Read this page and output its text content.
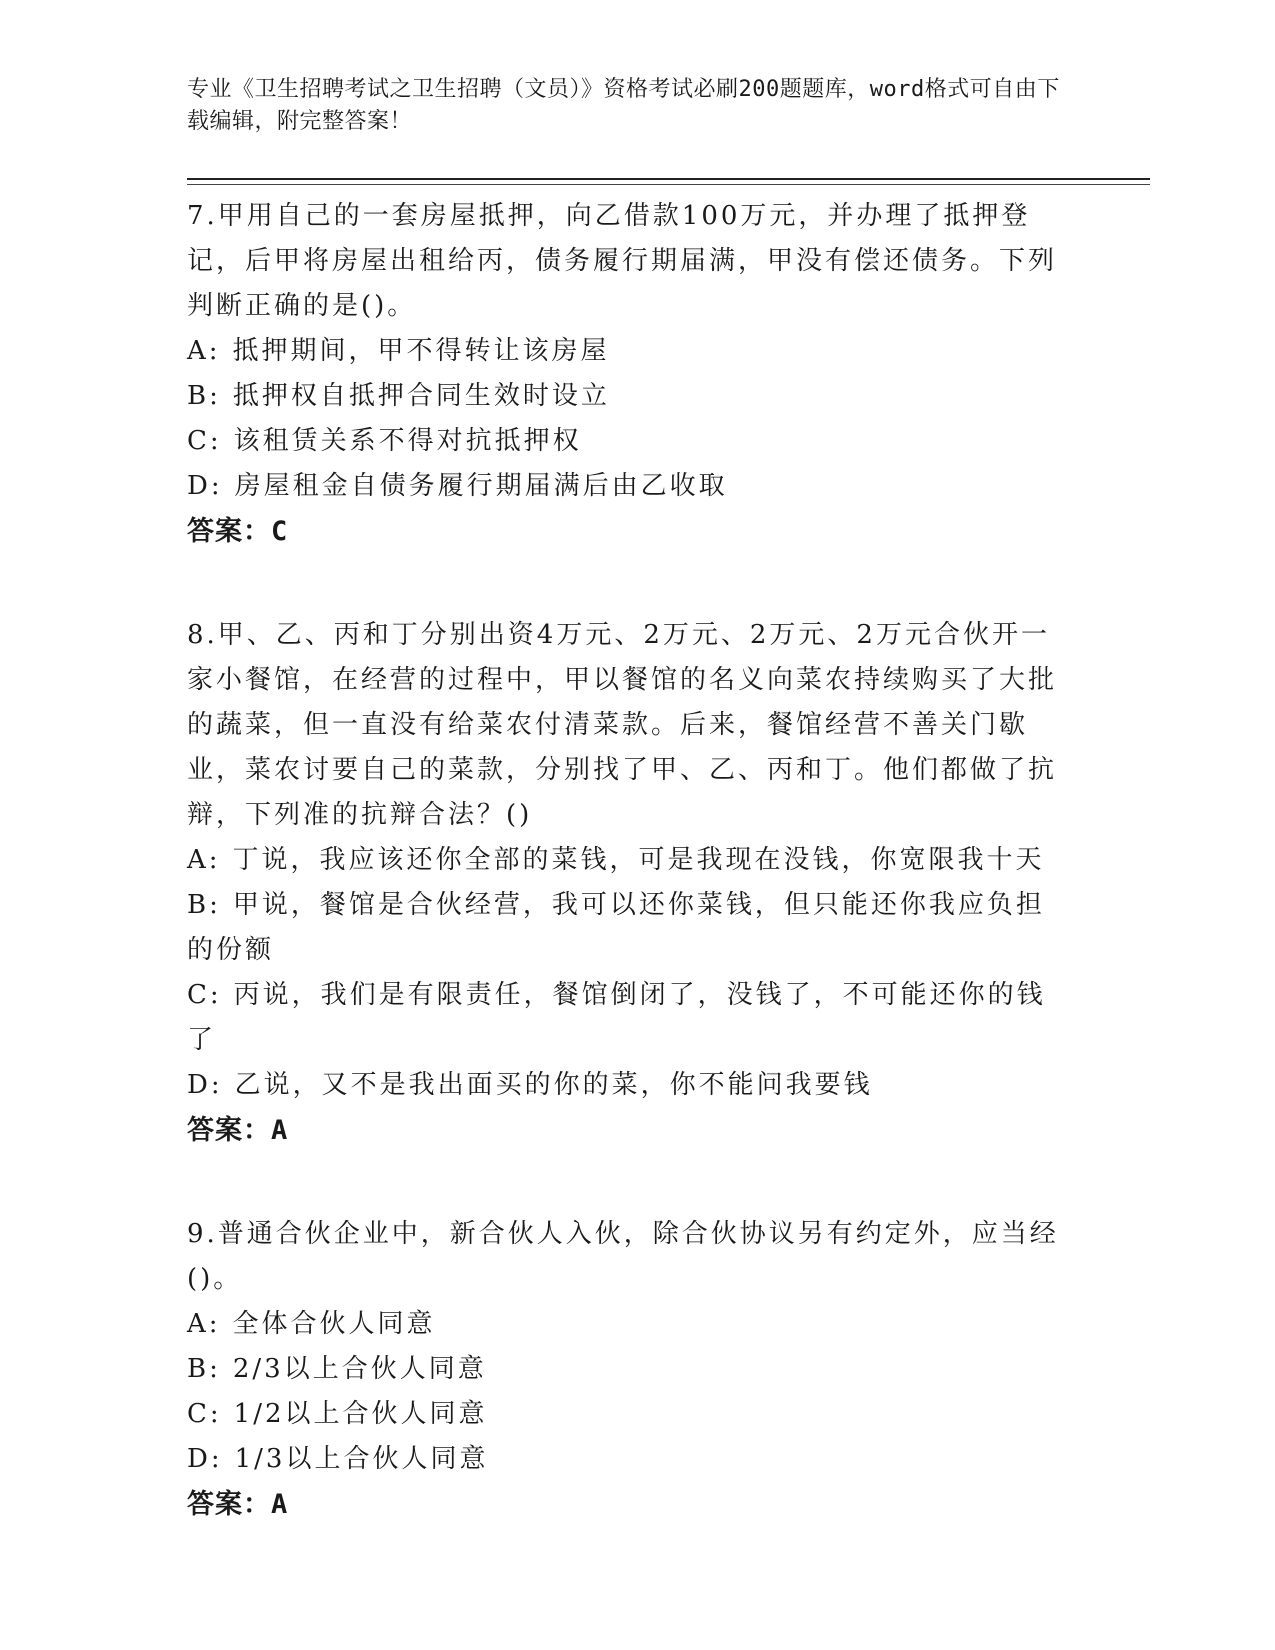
专业《卫生招聘考试之卫生招聘（文员）》资格考试必刷200题题库，word格式可自由下载编辑，附完整答案！
7.甲用自己的一套房屋抵押，向乙借款100万元，并办理了抵押登记，后甲将房屋出租给丙，债务履行期届满，甲没有偿还债务。下列判断正确的是()。
A: 抵押期间，甲不得转让该房屋
B: 抵押权自抵押合同生效时设立
C: 该租赁关系不得对抗抵押权
D: 房屋租金自债务履行期届满后由乙收取
答案：C
8.甲、乙、丙和丁分别出资4万元、2万元、2万元、2万元合伙开一家小餐馆，在经营的过程中，甲以餐馆的名义向菜农持续购买了大批的蔬菜，但一直没有给菜农付清菜款。后来，餐馆经营不善关门歇业，菜农讨要自己的菜款，分别找了甲、乙、丙和丁。他们都做了抗辩，下列准的抗辩合法？()
A: 丁说，我应该还你全部的菜钱，可是我现在没钱，你宽限我十天
B: 甲说，餐馆是合伙经营，我可以还你菜钱，但只能还你我应负担的份额
C: 丙说，我们是有限责任，餐馆倒闭了，没钱了，不可能还你的钱了
D: 乙说，又不是我出面买的你的菜，你不能问我要钱
答案：A
9.普通合伙企业中，新合伙人入伙，除合伙协议另有约定外，应当经()。
A: 全体合伙人同意
B: 2/3以上合伙人同意
C: 1/2以上合伙人同意
D: 1/3以上合伙人同意
答案：A
